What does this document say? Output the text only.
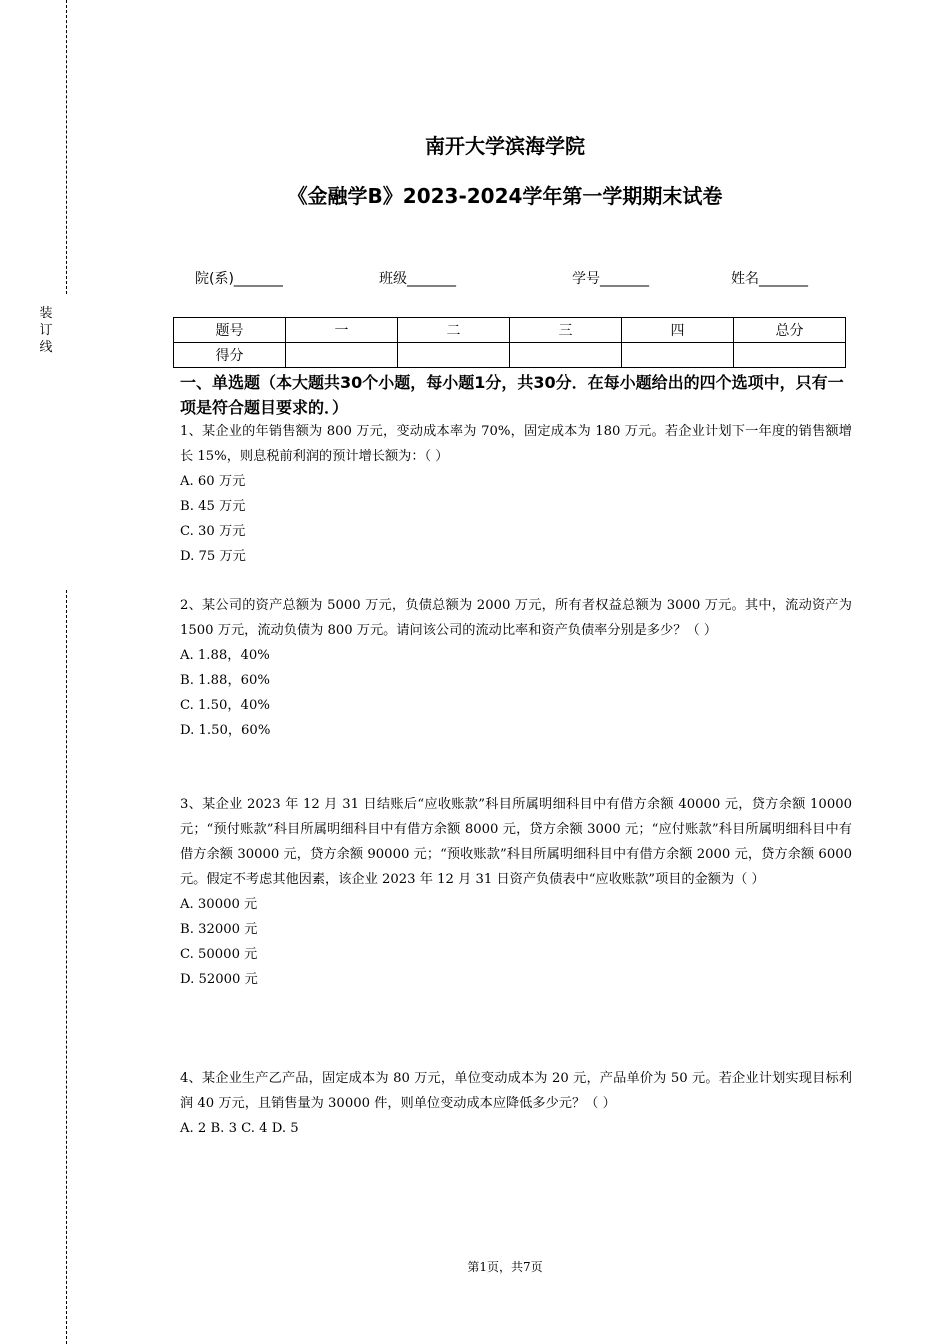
装
订
线
南开大学滨海学院
《金融学B》2023-2024学年第一学期期末试卷
院(系)_______	班级_______	学号_______	姓名_______
题号	一	二	三	四	总分
得分					
一、单选题（本大题共30个小题，每小题1分，共30分．在每小题给出的四个选项中，只有一项是符合题目要求的．）
1、某企业的年销售额为 800 万元，变动成本率为 70%，固定成本为 180 万元。若企业计划下一年度的销售额增长 15%，则息税前利润的预计增长额为：（ ）
A. 60 万元
B. 45 万元
C. 30 万元
D. 75 万元
2、某公司的资产总额为 5000 万元，负债总额为 2000 万元，所有者权益总额为 3000 万元。其中，流动资产为 1500 万元，流动负债为 800 万元。请问该公司的流动比率和资产负债率分别是多少？（ ）
A. 1.88，40%
B. 1.88，60%
C. 1.50，40%
D. 1.50，60%
3、某企业 2023 年 12 月 31 日结账后“应收账款”科目所属明细科目中有借方余额 40000 元，贷方余额 10000 元；“预付账款”科目所属明细科目中有借方余额 8000 元，贷方余额 3000 元；“应付账款”科目所属明细科目中有借方余额 30000 元，贷方余额 90000 元；“预收账款”科目所属明细科目中有借方余额 2000 元，贷方余额 6000 元。假定不考虑其他因素，该企业 2023 年 12 月 31 日资产负债表中“应收账款”项目的金额为（ ）
A. 30000 元
B. 32000 元
C. 50000 元
D. 52000 元
4、某企业生产乙产品，固定成本为 80 万元，单位变动成本为 20 元，产品单价为 50 元。若企业计划实现目标利润 40 万元，且销售量为 30000 件，则单位变动成本应降低多少元？（ ）
A. 2 B. 3 C. 4 D. 5
第1页，共7页
